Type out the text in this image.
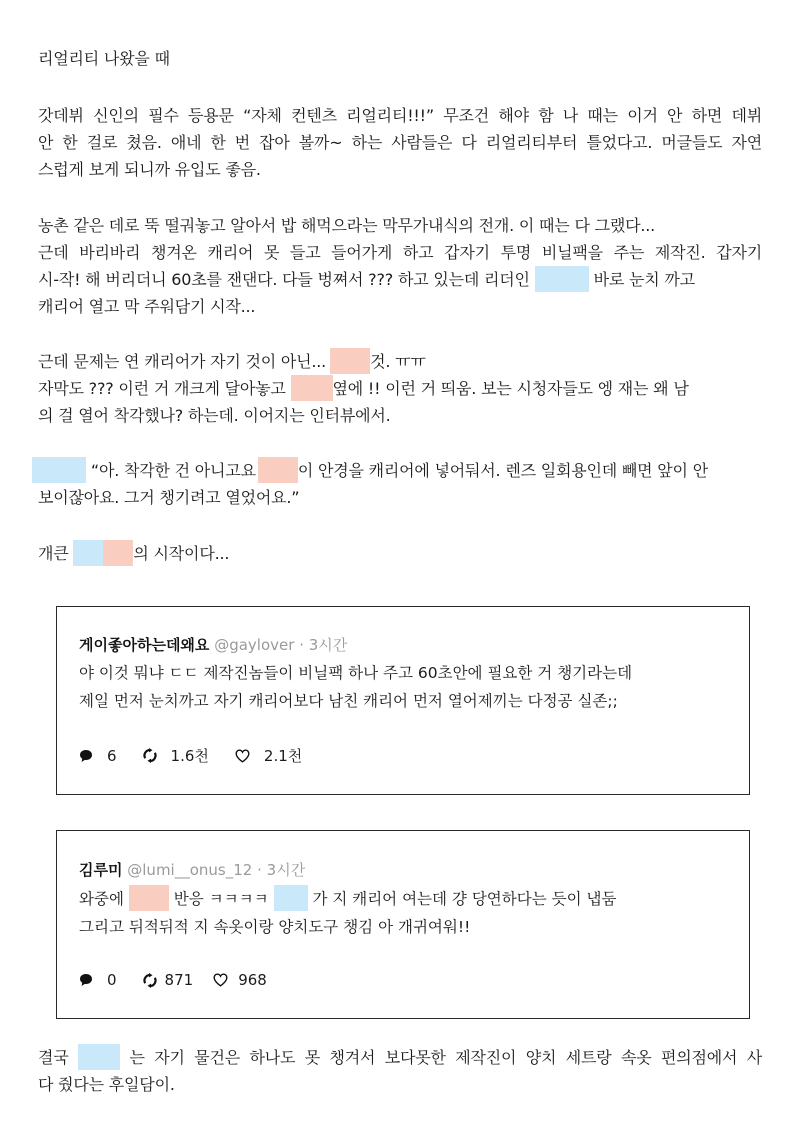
리얼리티 나왔을 때
갓데뷔 신인의 필수 등용문 “자체 컨텐츠 리얼리티!!!” 무조건 해야 함 나 때는 이거 안 하면 데뷔
안 한 걸로 쳤음. 애네 한 번 잡아 볼까~ 하는 사람들은 다 리얼리티부터 틀었다고. 머글들도 자연
스럽게 보게 되니까 유입도 좋음.
농촌 같은 데로 뚝 떨궈놓고 알아서 밥 해먹으라는 막무가내식의 전개. 이 때는 다 그랬다...
근데 바리바리 챙겨온 캐리어 못 들고 들어가게 하고 갑자기 투명 비닐팩을 주는 제작진. 갑자기
시-작! 해 버리더니 60초를 잰댄다. 다들 벙쪄서 ??? 하고 있는데 리더인	바로 눈치 까고
캐리어 열고 막 주워담기 시작...
근데 문제는 연 캐리어가 자기 것이 아닌...	것. ㅠㅠ
자막도 ??? 이런 거 개크게 달아놓고	옆에 !! 이런 거 띄움. 보는 시청자들도 엥 재는 왜 남
의 걸 열어 착각했나? 하는데. 이어지는 인터뷰에서.
“아. 착각한 건 아니고요	이 안경을 캐리어에 넣어둬서. 렌즈 일회용인데 빼면 앞이 안
보이잖아요. 그거 챙기려고 열었어요.”
개큰	의 시작이다...
게이좋아하는데왜요 @gaylover · 3시간
야 이것 뭐냐 ㄷㄷ 제작진놈들이 비닐팩 하나 주고 60초안에 필요한 거 챙기라는데
제일 먼저 눈치까고 자기 캐리어보다 남친 캐리어 먼저 열어제끼는 다정공 실존;;
6	1.6천	2.1천
김루미 @lumi__onus_12 · 3시간
와중에	반응 ㅋㅋㅋㅋ	가 지 캐리어 여는데 걍 당연하다는 듯이 냅둠
그리고 뒤적뒤적 지 속옷이랑 양치도구 챙김 아 개귀여워!!
0	871	968
결국	는 자기 물건은 하나도 못 챙겨서 보다못한 제작진이 양치 세트랑 속옷 편의점에서 사
다 줬다는 후일담이.
